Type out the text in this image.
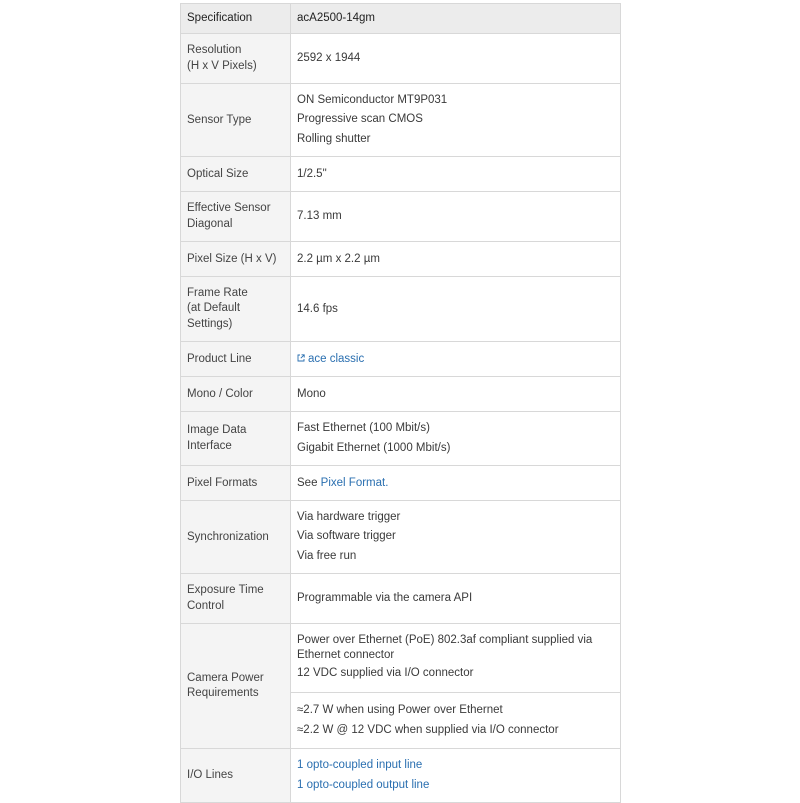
Specification	acA2500-14gm

Resolution
(H x V Pixels)	2592 x 1944
Sensor Type	ON Semiconductor MT9P031
Progressive scan CMOS
Rolling shutter

Optical Size	1/2.5"

Effective Sensor
Diagonal	7.13 mm
Pixel Size (H x V)	2.2 µm x 2.2 µm

Frame Rate
(at Default
Settings)	14.6 fps
Product Line	ace classic
Mono / Color	Mono

Image Data
Interface	Fast Ethernet (100 Mbit/s)
Gigabit Ethernet (1000 Mbit/s)

Pixel Formats	See Pixel Format.
Synchronization	Via hardware trigger
Via software trigger
Via free run

Exposure Time
Control	Programmable via the camera API

Camera Power
Requirements	Power over Ethernet (PoE) 802.3af compliant supplied via
Ethernet connector
12 VDC supplied via I/O connector

	≈2.7 W when using Power over Ethernet
≈2.2 W @ 12 VDC when supplied via I/O connector

I/O Lines	1 opto-coupled input line
1 opto-coupled output line
